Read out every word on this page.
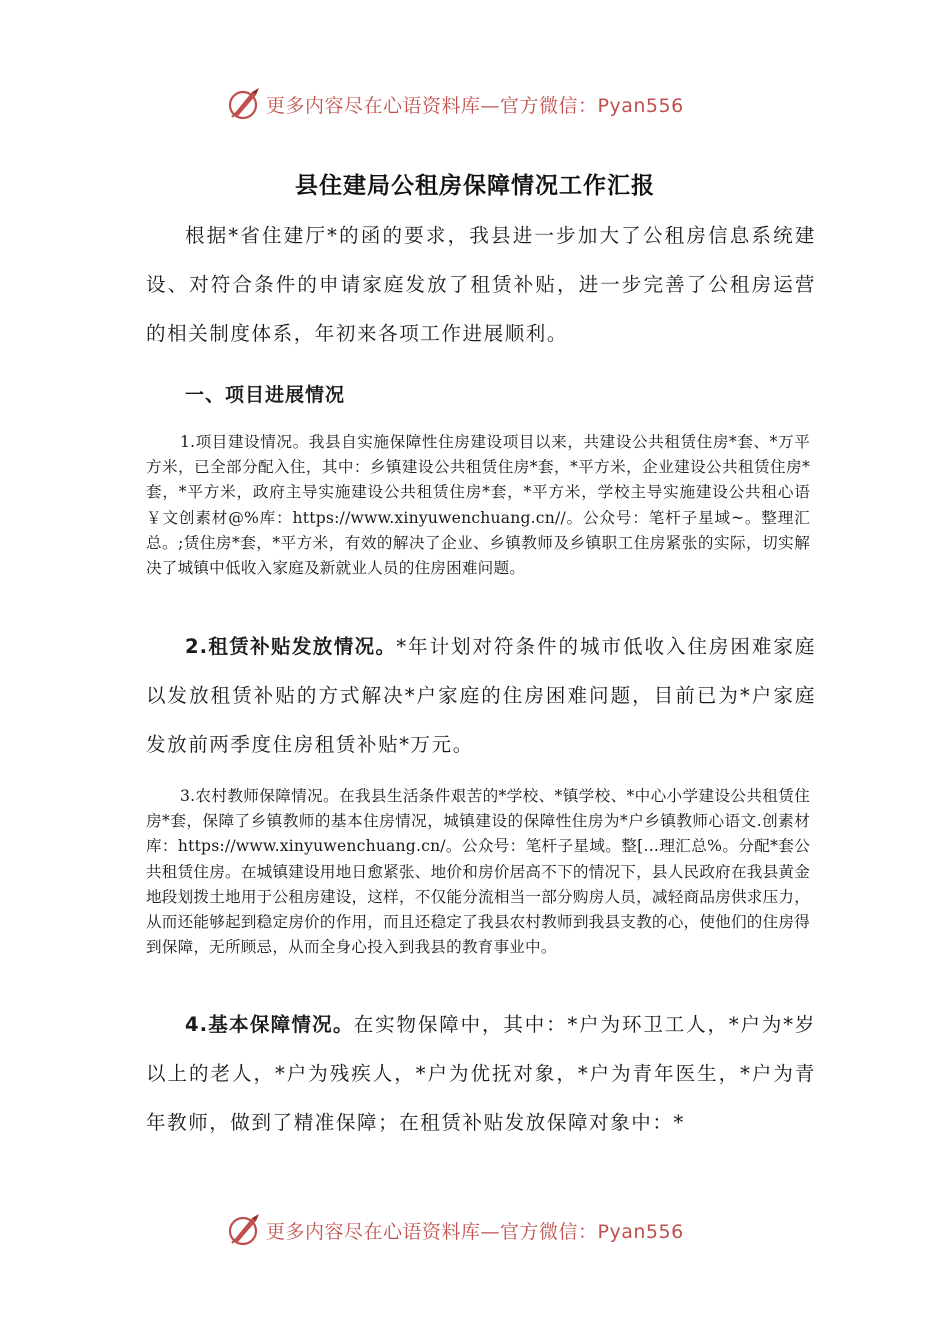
更多内容尽在心语资料库—官方微信：Pyan556
县住建局公租房保障情况工作汇报

根据*省住建厅*的函的要求，我县进一步加大了公租房信息系统建设、对符合条件的申请家庭发放了租赁补贴，进一步完善了公租房运营的相关制度体系，年初来各项工作进展顺利。

一、项目进展情况

1.项目建设情况。我县自实施保障性住房建设项目以来，共建设公共租赁住房*套、*万平方米，已全部分配入住，其中：乡镇建设公共租赁住房*套，*平方米，企业建设公共租赁住房*套，*平方米，政府主导实施建设公共租赁住房*套，*平方米，学校主导实施建设公共租心语￥文创素材@%库：https://www.xinyuwenchuang.cn//。公众号：笔杆子星域~。整理汇总。;赁住房*套，*平方米，有效的解决了企业、乡镇教师及乡镇职工住房紧张的实际，切实解决了城镇中低收入家庭及新就业人员的住房困难问题。

2.租赁补贴发放情况。*年计划对符条件的城市低收入住房困难家庭以发放租赁补贴的方式解决*户家庭的住房困难问题，目前已为*户家庭发放前两季度住房租赁补贴*万元。

3.农村教师保障情况。在我县生活条件艰苦的*学校、*镇学校、*中心小学建设公共租赁住房*套，保障了乡镇教师的基本住房情况，城镇建设的保障性住房为*户乡镇教师心语文.创素材库：https://www.xinyuwenchuang.cn/。公众号：笔杆子星域。整[…理汇总%。分配*套公共租赁住房。在城镇建设用地日愈紧张、地价和房价居高不下的情况下，县人民政府在我县黄金地段划拨土地用于公租房建设，这样，不仅能分流相当一部分购房人员，减轻商品房供求压力，从而还能够起到稳定房价的作用，而且还稳定了我县农村教师到我县支教的心，使他们的住房得到保障，无所顾忌，从而全身心投入到我县的教育事业中。

4.基本保障情况。在实物保障中，其中：*户为环卫工人，*户为*岁以上的老人，*户为残疾人，*户为优抚对象，*户为青年医生，*户为青年教师，做到了精准保障；在租赁补贴发放保障对象中：*

更多内容尽在心语资料库—官方微信：Pyan556
